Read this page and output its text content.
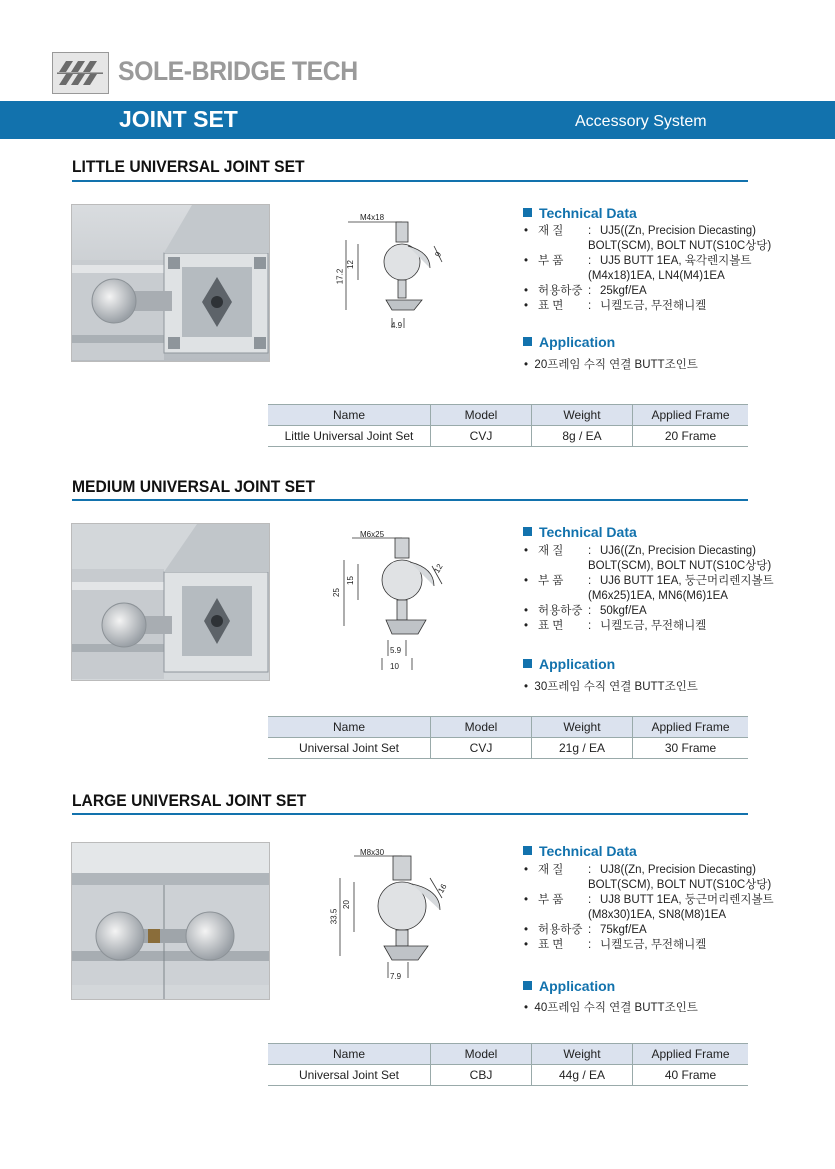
SOLE-BRIDGE TECH
JOINT SET	Accessory System
LITTLE UNIVERSAL JOINT SET
M4x18
12
17.2
9
4.9
Technical Data
• 재 질	: UJ5((Zn, Precision Diecasting)
BOLT(SCM), BOLT NUT(S10C상당)
• 부 품	: UJ5 BUTT 1EA, 육각렌지볼트
(M4x18)1EA, LN4(M4)1EA
• 허용하중 : 25kgf/EA
• 표 면	: 니켈도금, 무전해니켈
Application
•  20프레임 수직 연결 BUTT조인트
Name	Model	Weight	Applied Frame
Little Universal Joint Set	CVJ	8g / EA	20 Frame
MEDIUM UNIVERSAL JOINT SET
M6x25
15
25
12
5.9
10
Technical Data
• 재 질	: UJ6((Zn, Precision Diecasting)
BOLT(SCM), BOLT NUT(S10C상당)
• 부 품	: UJ6 BUTT 1EA, 둥근머리렌지볼트
(M6x25)1EA, MN6(M6)1EA
• 허용하중 : 50kgf/EA
• 표 면	: 니켈도금, 무전해니켈
Application
•  30프레임 수직 연결 BUTT조인트
Name	Model	Weight	Applied Frame
Universal Joint Set	CVJ	21g / EA	30 Frame
LARGE UNIVERSAL JOINT SET
M8x30
20
33.5
16
7.9
Technical Data
• 재 질	: UJ8((Zn, Precision Diecasting)
BOLT(SCM), BOLT NUT(S10C상당)
• 부 품	: UJ8 BUTT 1EA, 둥근머리렌지볼트
(M8x30)1EA, SN8(M8)1EA
• 허용하중 : 75kgf/EA
• 표 면	: 니켈도금, 무전해니켈
Application
•  40프레임 수직 연결 BUTT조인트
Name	Model	Weight	Applied Frame
Universal Joint Set	CBJ	44g / EA	40 Frame
